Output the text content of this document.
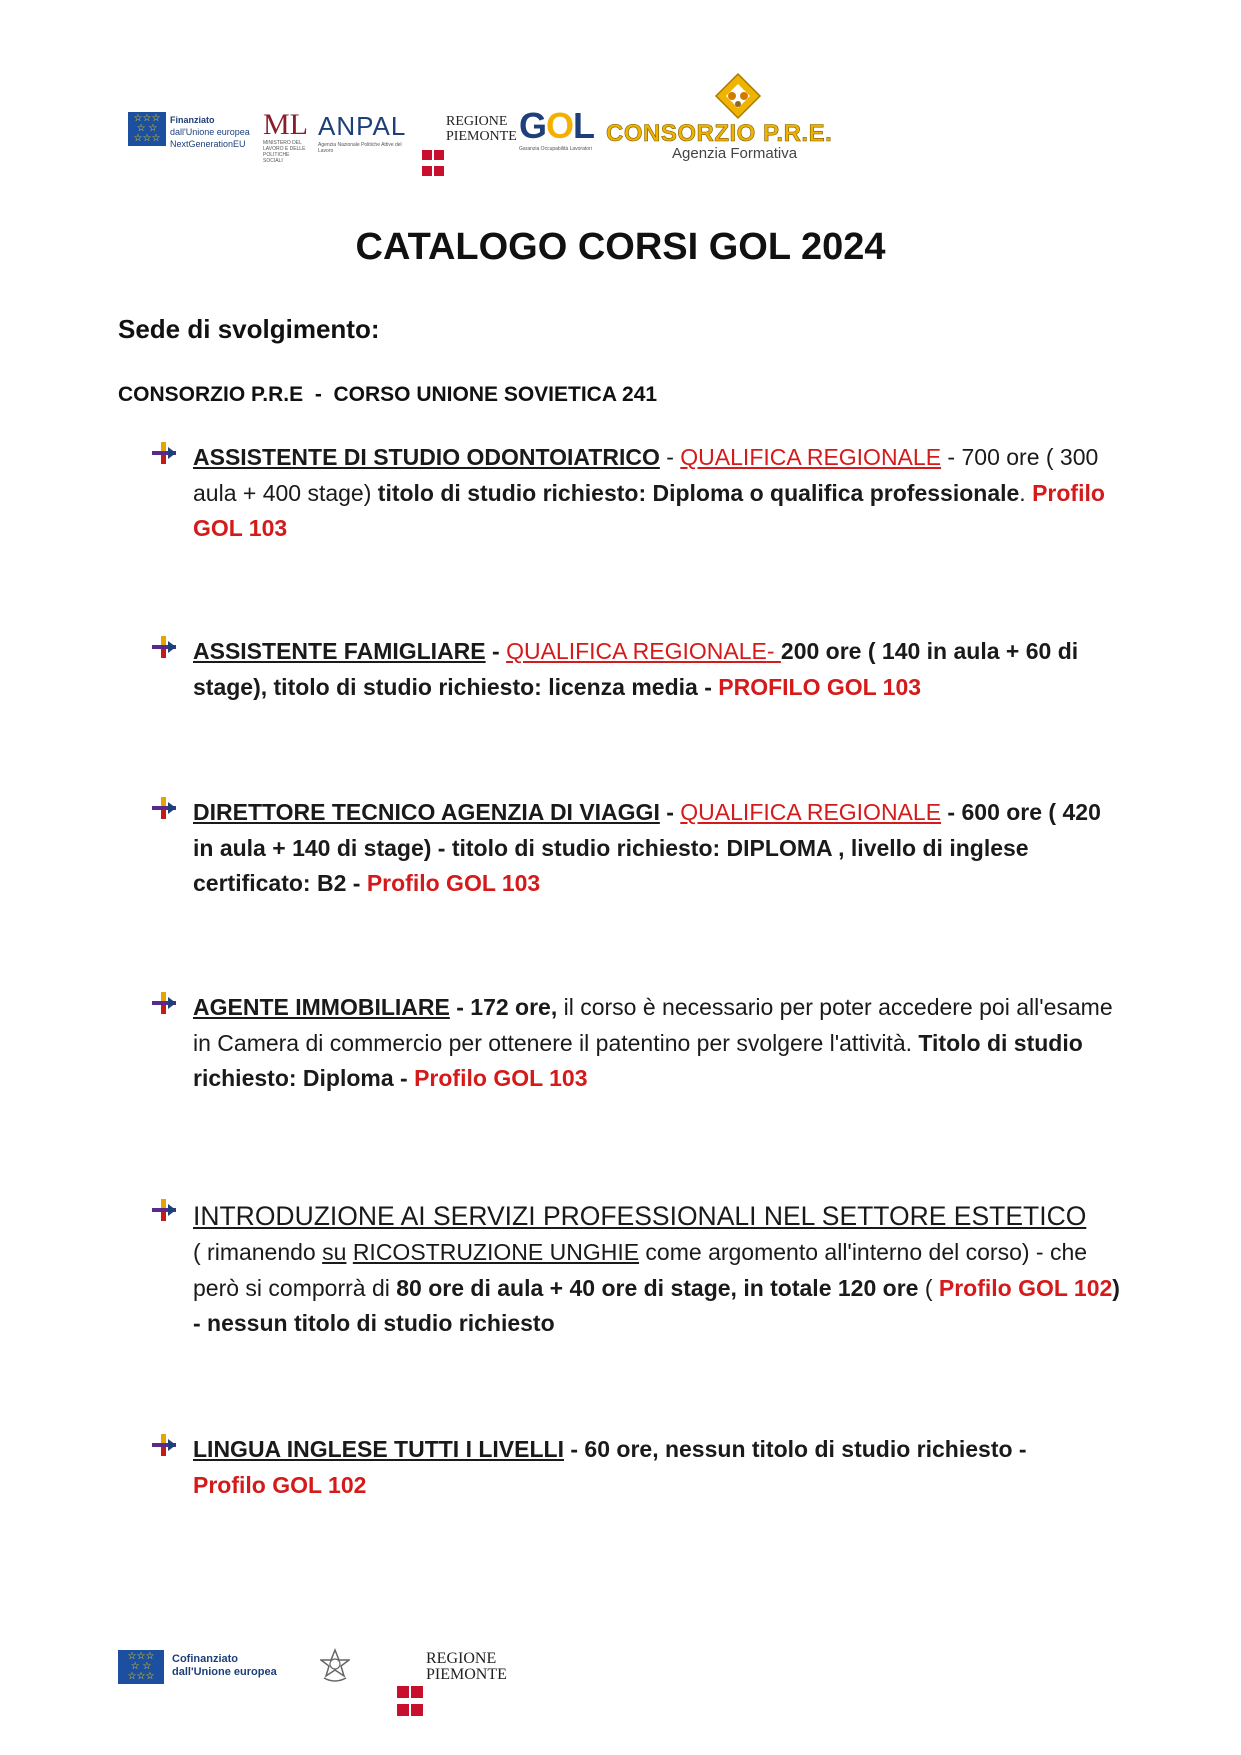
☆☆☆
☆ ☆
☆☆☆
Finanziato
dall'Unione europea
NextGenerationEU
ML
MINISTERO DEL LAVORO E DELLE POLITICHE SOCIALI
ANPAL
Agenzia Nazionale Politiche Attive del Lavoro
REGIONE
PIEMONTE GOL
Garanzia Occupabilità Lavoratori
CONSORZIO P.R.E.
Agenzia Formativa
CATALOGO CORSI GOL 2024
Sede di svolgimento:
CONSORZIO P.R.E  -  CORSO UNIONE SOVIETICA 241
ASSISTENTE DI STUDIO ODONTOIATRICO - QUALIFICA REGIONALE - 700 ore ( 300 aula + 400 stage) titolo di studio richiesto: Diploma o qualifica professionale. Profilo GOL 103
ASSISTENTE FAMIGLIARE - QUALIFICA REGIONALE- 200 ore ( 140 in aula + 60 di stage), titolo di studio richiesto: licenza media - PROFILO GOL 103
DIRETTORE TECNICO AGENZIA DI VIAGGI - QUALIFICA REGIONALE - 600 ore ( 420 in aula + 140 di stage) - titolo di studio richiesto: DIPLOMA , livello di inglese certificato: B2 - Profilo GOL 103
AGENTE IMMOBILIARE - 172 ore, il corso è necessario per poter accedere poi all'esame in Camera di commercio per ottenere il patentino per svolgere l'attività. Titolo di studio richiesto: Diploma - Profilo GOL 103
INTRODUZIONE AI SERVIZI PROFESSIONALI NEL SETTORE ESTETICO
( rimanendo su RICOSTRUZIONE UNGHIE come argomento all'interno del corso) - che però si comporrà di 80 ore di aula + 40 ore di stage, in totale 120 ore ( Profilo GOL 102) - nessun titolo di studio richiesto
LINGUA INGLESE TUTTI I LIVELLI - 60 ore, nessun titolo di studio richiesto -
Profilo GOL 102
☆☆☆
☆ ☆
☆☆☆
Cofinanziato
dall'Unione europea
REGIONE
PIEMONTE
